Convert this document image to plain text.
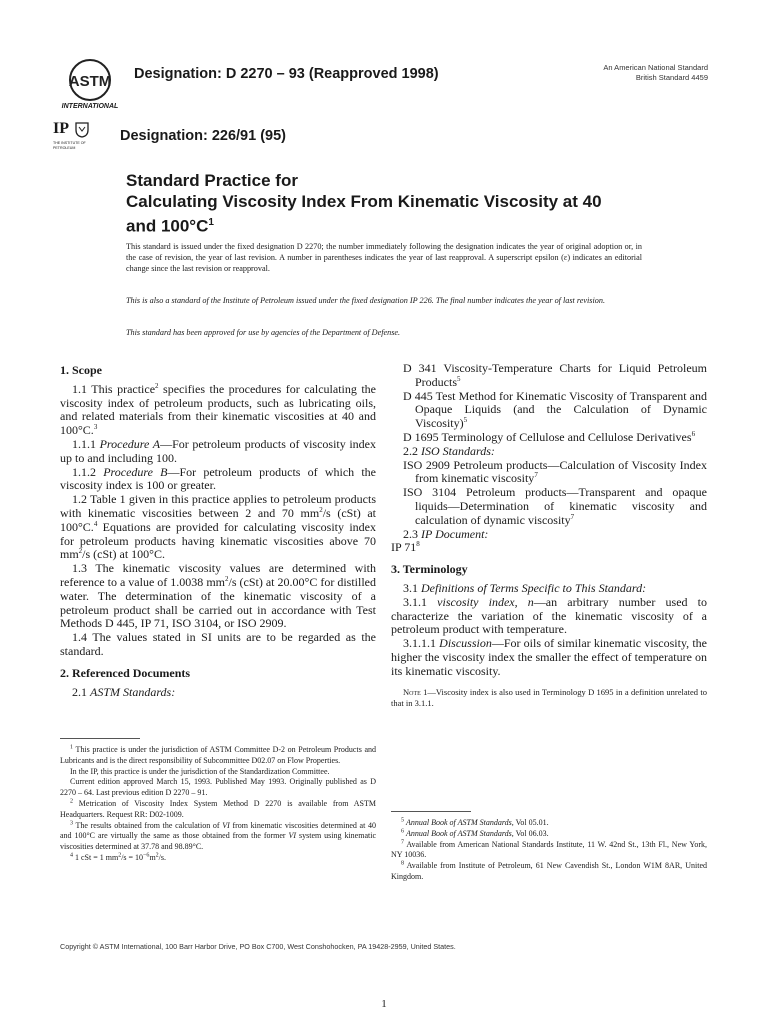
ASTM
INTERNATIONAL
IP
THE INSTITUTE OF PETROLEUM
Designation: D 2270 – 93 (Reapproved 1998)
Designation: 226/91 (95)
An American National Standard
British Standard 4459
Standard Practice for
Calculating Viscosity Index From Kinematic Viscosity at 40
and $100^\circ C^1$
This standard is issued under the fixed designation D 2270; the number immediately following the designation indicates the year of original adoption or, in the case of revision, the year of last revision. A number in parentheses indicates the year of last reapproval. A superscript epsilon (ε) indicates an editorial change since the last revision or reapproval.
This is also a standard of the Institute of Petroleum issued under the fixed designation IP 226. The final number indicates the year of last revision.
This standard has been approved for use by agencies of the Department of Defense.
1. Scope

1.1 This practice$^2$ specifies the procedures for calculating the viscosity index of petroleum products, such as lubricating oils, and related materials from their kinematic viscosities at 40 and 100°C.$^3$

1.1.1 Procedure A—For petroleum products of viscosity index up to and including 100.

1.1.2 Procedure B—For petroleum products of which the viscosity index is 100 or greater.

1.2 Table 1 given in this practice applies to petroleum products with kinematic viscosities between 2 and 70 $mm^2/s$ (cSt) at 100°C.$^4$ Equations are provided for calculating viscosity index for petroleum products having kinematic viscosities above 70 $mm^2/s$ (cSt) at 100°C.

1.3 The kinematic viscosity values are determined with reference to a value of 1.0038 $mm^2/s$ (cSt) at 20.00°C for distilled water. The determination of the kinematic viscosity of a petroleum product shall be carried out in accordance with Test Methods D 445, IP 71, ISO 3104, or ISO 2909.

1.4 The values stated in SI units are to be regarded as the standard.

2. Referenced Documents

2.1 ASTM Standards:

D 341 Viscosity-Temperature Charts for Liquid Petroleum Products$^5$

D 445 Test Method for Kinematic Viscosity of Transparent and Opaque Liquids (and the Calculation of Dynamic Viscosity)$^5$

D 1695 Terminology of Cellulose and Cellulose Derivatives$^6$

2.2 ISO Standards:

ISO 2909 Petroleum products—Calculation of Viscosity Index from kinematic viscosity$^7$

ISO 3104 Petroleum products—Transparent and opaque liquids—Determination of kinematic viscosity and calculation of dynamic viscosity$^7$

2.3 IP Document:

IP $71^8$

3. Terminology

3.1 Definitions of Terms Specific to This Standard:

3.1.1 viscosity index, n—an arbitrary number used to characterize the variation of the kinematic viscosity of a petroleum product with temperature.

3.1.1.1 Discussion—For oils of similar kinematic viscosity, the higher the viscosity index the smaller the effect of temperature on its kinematic viscosity.

Note 1—Viscosity index is also used in Terminology D 1695 in a definition unrelated to that in 3.1.1.

$^1$ This practice is under the jurisdiction of ASTM Committee D-2 on Petroleum Products and Lubricants and is the direct responsibility of Subcommittee D02.07 on Flow Properties.

In the IP, this practice is under the jurisdiction of the Standardization Committee.

Current edition approved March 15, 1993. Published May 1993. Originally published as D 2270 – 64. Last previous edition D 2270 – 91.

$^2$ Metrication of Viscosity Index System Method D 2270 is available from ASTM Headquarters. Request RR: D02-1009.

$^3$ The results obtained from the calculation of VI from kinematic viscosities determined at 40 and 100°C are virtually the same as those obtained from the former VI system using kinematic viscosities determined at 37.78 and 98.89°C.

$^4$ 1 cSt = 1 $mm^2/s = 10^{-6}m^2/s$.

$^5$ Annual Book of ASTM Standards, Vol 05.01.

$^6$ Annual Book of ASTM Standards, Vol 06.03.

$^7$ Available from American National Standards Institute, 11 W. 42nd St., 13th Fl., New York, NY 10036.

$^8$ Available from Institute of Petroleum, 61 New Cavendish St., London W1M 8AR, United Kingdom.

Copyright © ASTM International, 100 Barr Harbor Drive, PO Box C700, West Conshohocken, PA 19428-2959, United States.
1
